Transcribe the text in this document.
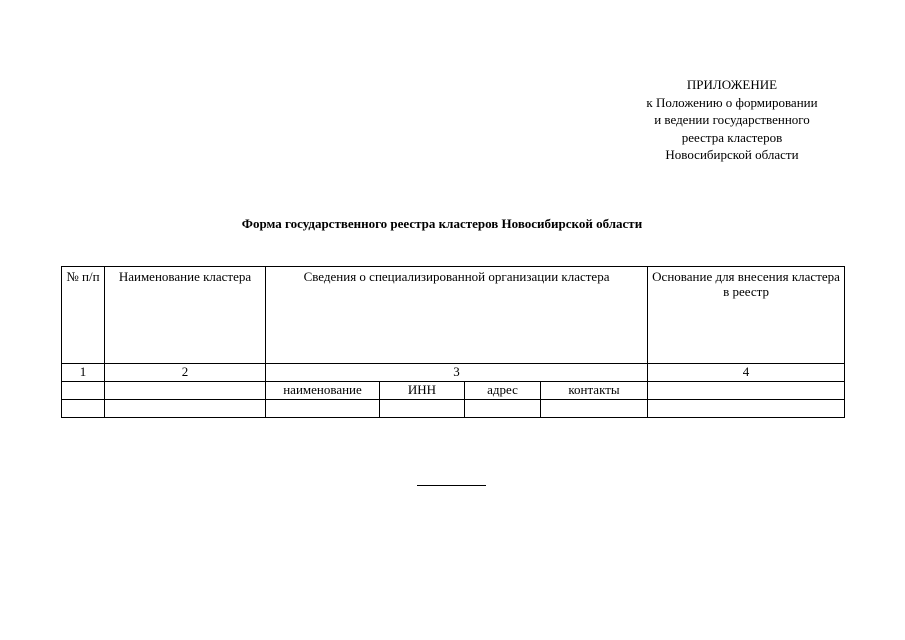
ПРИЛОЖЕНИЕ
к Положению о формировании
и ведении государственного
реестра кластеров
Новосибирской области
Форма государственного реестра кластеров Новосибирской области
№ п/п	Наименование кластера	Сведения о специализированной организации кластера				Основание для внесения кластера в реестр
1	2	3				4
		наименование	ИНН	адрес	контакты	
